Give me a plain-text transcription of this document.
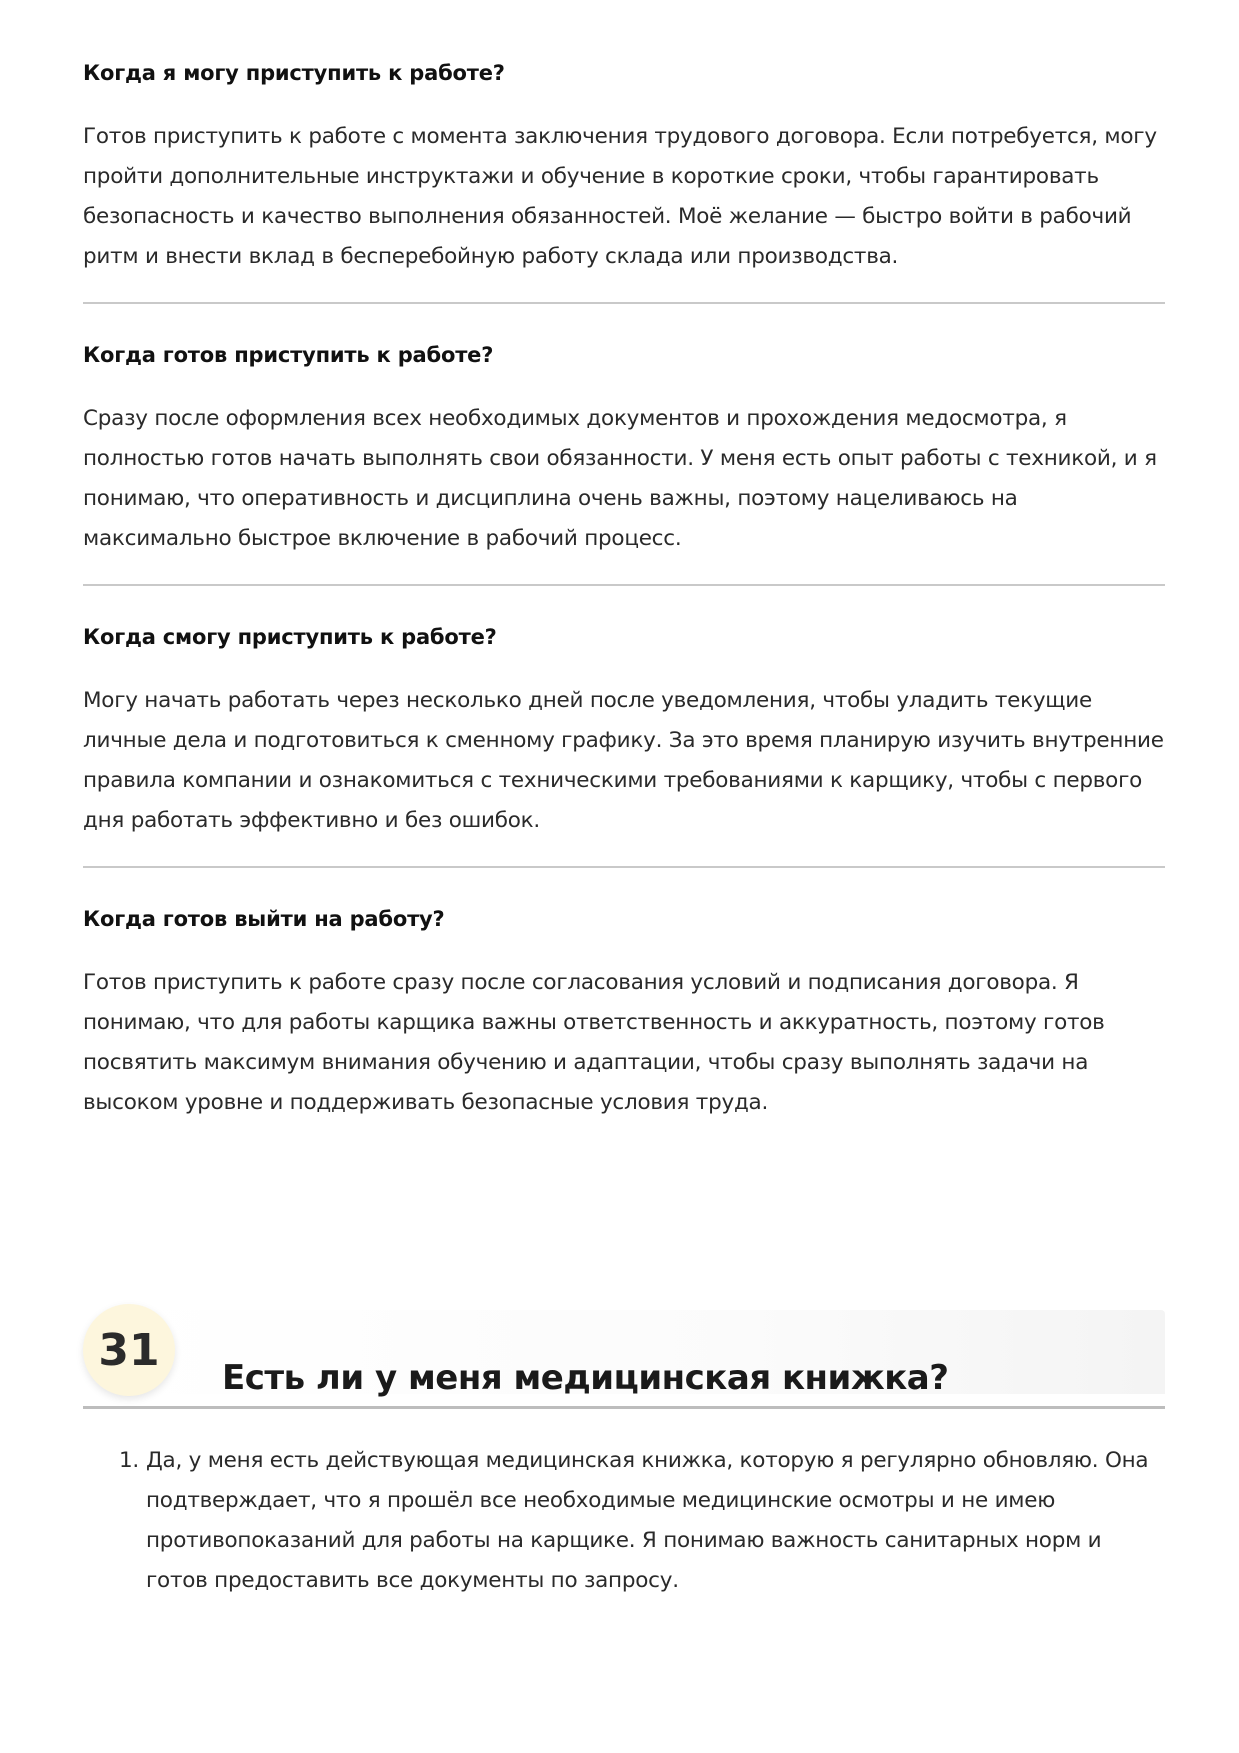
Когда я могу приступить к работе?

Готов приступить к работе с момента заключения трудового договора. Если потребуется, могу пройти дополнительные инструктажи и обучение в короткие сроки, чтобы гарантировать безопасность и качество выполнения обязанностей. Моё желание — быстро войти в рабочий ритм и внести вклад в бесперебойную работу склада или производства.

Когда готов приступить к работе?

Сразу после оформления всех необходимых документов и прохождения медосмотра, я полностью готов начать выполнять свои обязанности. У меня есть опыт работы с техникой, и я понимаю, что оперативность и дисциплина очень важны, поэтому нацеливаюсь на максимально быстрое включение в рабочий процесс.

Когда смогу приступить к работе?

Могу начать работать через несколько дней после уведомления, чтобы уладить текущие личные дела и подготовиться к сменному графику. За это время планирую изучить внутренние правила компании и ознакомиться с техническими требованиями к карщику, чтобы с первого дня работать эффективно и без ошибок.

Когда готов выйти на работу?

Готов приступить к работе сразу после согласования условий и подписания договора. Я понимаю, что для работы карщика важны ответственность и аккуратность, поэтому готов посвятить максимум внимания обучению и адаптации, чтобы сразу выполнять задачи на высоком уровне и поддерживать безопасные условия труда.

31
Есть ли у меня медицинская книжка?
1. Да, у меня есть действующая медицинская книжка, которую я регулярно обновляю. Она подтверждает, что я прошёл все необходимые медицинские осмотры и не имею противопоказаний для работы на карщике. Я понимаю важность санитарных норм и готов предоставить все документы по запросу.
